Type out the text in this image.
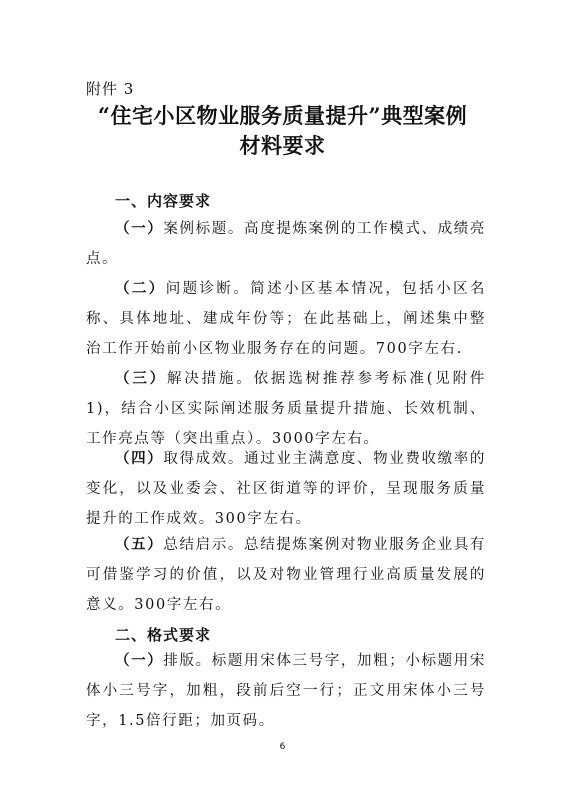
附件 3
“住宅小区物业服务质量提升”典型案例
材料要求
一、内容要求
（一）案例标题。高度提炼案例的工作模式、成绩亮点。
（二）问题诊断。简述小区基本情况，包括小区名称、具体地址、建成年份等；在此基础上，阐述集中整治工作开始前小区物业服务存在的问题。700字左右.
（三）解决措施。依据选树推荐参考标准(见附件1)，结合小区实际阐述服务质量提升措施、长效机制、工作亮点等（突出重点）。3000字左右。
（四）取得成效。通过业主满意度、物业费收缴率的变化，以及业委会、社区街道等的评价，呈现服务质量提升的工作成效。300字左右。
（五）总结启示。总结提炼案例对物业服务企业具有可借鉴学习的价值，以及对物业管理行业高质量发展的意义。300字左右。
二、格式要求
（一）排版。标题用宋体三号字，加粗；小标题用宋体小三号字，加粗，段前后空一行；正文用宋体小三号字，1.5倍行距；加页码。
6
